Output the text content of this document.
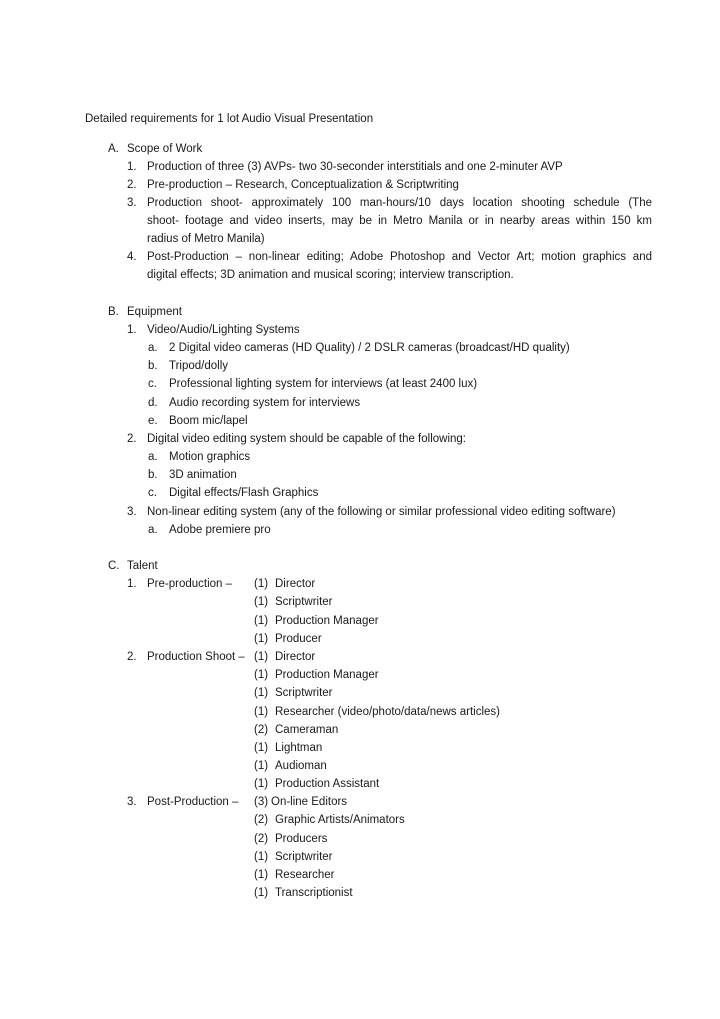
Detailed requirements for 1 lot Audio Visual Presentation
A. Scope of Work
1. Production of three (3) AVPs- two 30-seconder interstitials and one 2-minuter AVP
2. Pre-production – Research, Conceptualization & Scriptwriting
3. Production shoot- approximately 100 man-hours/10 days location shooting schedule (The
shoot- footage and video inserts, may be in Metro Manila or in nearby areas within 150 km
radius of Metro Manila)
4. Post-Production – non-linear editing; Adobe Photoshop and Vector Art; motion graphics and
digital effects; 3D animation and musical scoring; interview transcription.
B. Equipment
1. Video/Audio/Lighting Systems
a. 2 Digital video cameras (HD Quality) / 2 DSLR cameras (broadcast/HD quality)
b. Tripod/dolly
c. Professional lighting system for interviews (at least 2400 lux)
d. Audio recording system for interviews
e. Boom mic/lapel
2. Digital video editing system should be capable of the following:
a. Motion graphics
b. 3D animation
c. Digital effects/Flash Graphics
3. Non-linear editing system (any of the following or similar professional video editing software)
a. Adobe premiere pro
C. Talent
1. Pre-production – (1) Director
(1) Scriptwriter
(1) Production Manager
(1) Producer
2. Production Shoot – (1) Director
(1) Production Manager
(1) Scriptwriter
(1) Researcher (video/photo/data/news articles)
(2) Cameraman
(1) Lightman
(1) Audioman
(1) Production Assistant
3. Post-Production – (3) On-line Editors
(2) Graphic Artists/Animators
(2) Producers
(1) Scriptwriter
(1) Researcher
(1) Transcriptionist
